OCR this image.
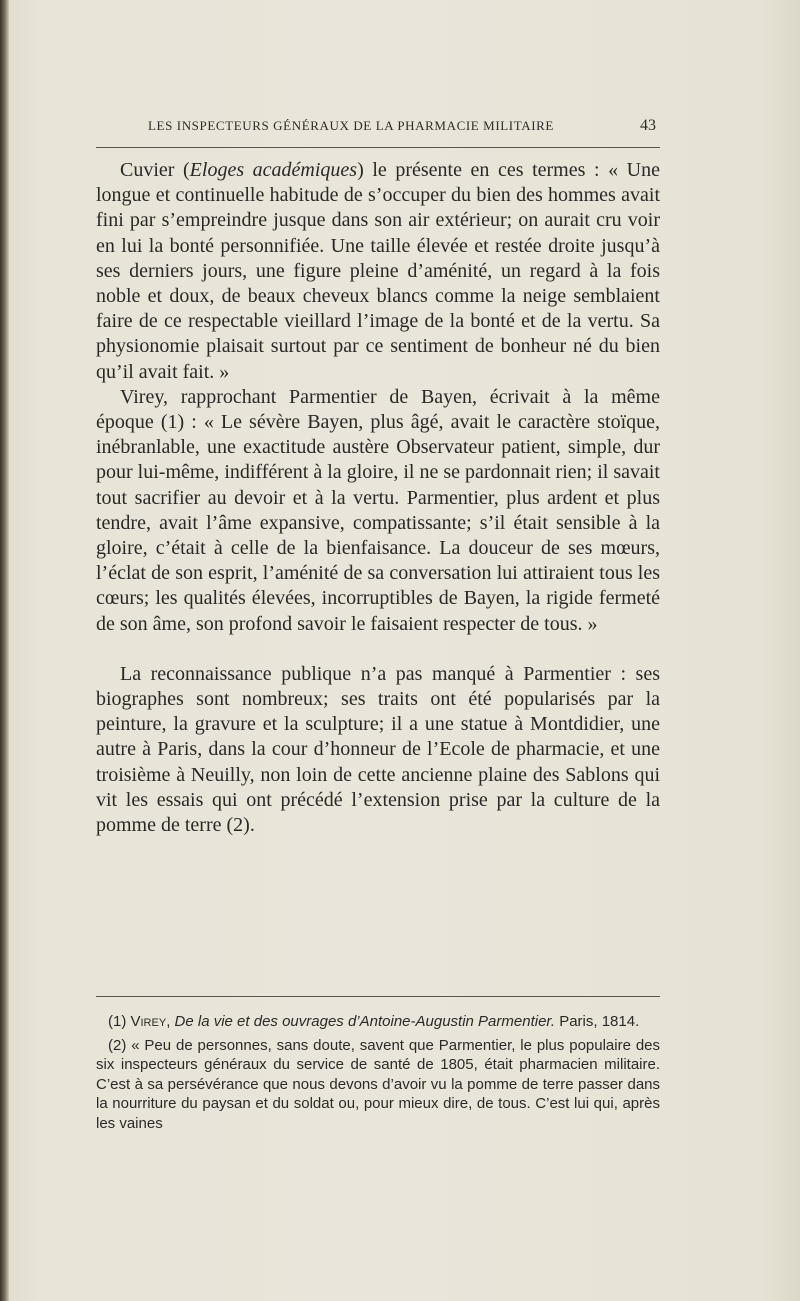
LES INSPECTEURS GÉNÉRAUX DE LA PHARMACIE MILITAIRE	43

Cuvier (Eloges académiques) le présente en ces termes : « Une longue et continuelle habitude de s’occuper du bien des hommes avait fini par s’empreindre jusque dans son air extérieur; on aurait cru voir en lui la bonté personnifiée. Une taille élevée et restée droite jusqu’à ses derniers jours, une figure pleine d’aménité, un regard à la fois noble et doux, de beaux cheveux blancs comme la neige semblaient faire de ce respectable vieillard l’image de la bonté et de la vertu. Sa physionomie plaisait surtout par ce sentiment de bonheur né du bien qu’il avait fait. »

Virey, rapprochant Parmentier de Bayen, écrivait à la même époque (1) : « Le sévère Bayen, plus âgé, avait le caractère stoïque, inébranlable, une exactitude austère Observateur patient, simple, dur pour lui-même, indifférent à la gloire, il ne se pardonnait rien; il savait tout sacrifier au devoir et à la vertu. Parmentier, plus ardent et plus tendre, avait l’âme expansive, compatissante; s’il était sensible à la gloire, c’était à celle de la bienfaisance. La douceur de ses mœurs, l’éclat de son esprit, l’aménité de sa conversation lui attiraient tous les cœurs; les qualités élevées, incorruptibles de Bayen, la rigide fermeté de son âme, son profond savoir le faisaient respecter de tous. »

La reconnaissance publique n’a pas manqué à Parmentier : ses biographes sont nombreux; ses traits ont été popularisés par la peinture, la gravure et la sculpture; il a une statue à Montdidier, une autre à Paris, dans la cour d’honneur de l’Ecole de pharmacie, et une troisième à Neuilly, non loin de cette ancienne plaine des Sablons qui vit les essais qui ont précédé l’extension prise par la culture de la pomme de terre (2).

(1) Virey, De la vie et des ouvrages d’Antoine-Augustin Parmentier. Paris, 1814.

(2) « Peu de personnes, sans doute, savent que Parmentier, le plus populaire des six inspecteurs généraux du service de santé de 1805, était pharmacien militaire. C’est à sa persévérance que nous devons d’avoir vu la pomme de terre passer dans la nourriture du paysan et du soldat ou, pour mieux dire, de tous. C’est lui qui, après les vaines
